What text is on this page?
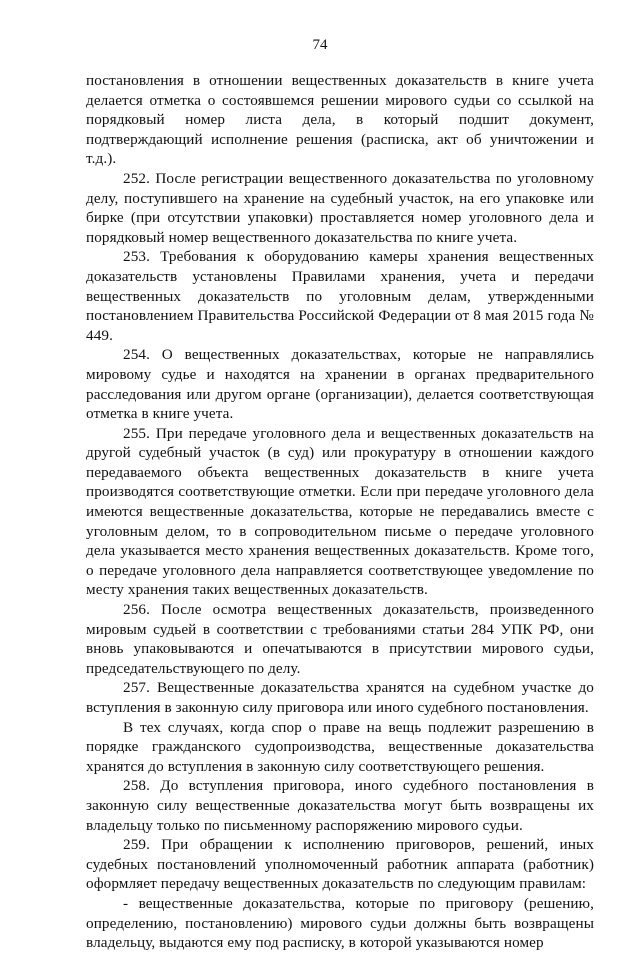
74

постановления в отношении вещественных доказательств в книге учета делается отметка о состоявшемся решении мирового судьи со ссылкой на порядковый номер листа дела, в который подшит документ, подтверждающий исполнение решения (расписка, акт об уничтожении и т.д.).

252. После регистрации вещественного доказательства по уголовному делу, поступившего на хранение на судебный участок, на его упаковке или бирке (при отсутствии упаковки) проставляется номер уголовного дела и порядковый номер вещественного доказательства по книге учета.

253. Требования к оборудованию камеры хранения вещественных доказательств установлены Правилами хранения, учета и передачи вещественных доказательств по уголовным делам, утвержденными постановлением Правительства Российской Федерации от 8 мая 2015 года № 449.

254. О вещественных доказательствах, которые не направлялись мировому судье и находятся на хранении в органах предварительного расследования или другом органе (организации), делается соответствующая отметка в книге учета.

255. При передаче уголовного дела и вещественных доказательств на другой судебный участок (в суд) или прокуратуру в отношении каждого передаваемого объекта вещественных доказательств в книге учета производятся соответствующие отметки. Если при передаче уголовного дела имеются вещественные доказательства, которые не передавались вместе с уголовным делом, то в сопроводительном письме о передаче уголовного дела указывается место хранения вещественных доказательств. Кроме того, о передаче уголовного дела направляется соответствующее уведомление по месту хранения таких вещественных доказательств.

256. После осмотра вещественных доказательств, произведенного мировым судьей в соответствии с требованиями статьи 284 УПК РФ, они вновь упаковываются и опечатываются в присутствии мирового судьи, председательствующего по делу.

257. Вещественные доказательства хранятся на судебном участке до вступления в законную силу приговора или иного судебного постановления.

В тех случаях, когда спор о праве на вещь подлежит разрешению в порядке гражданского судопроизводства, вещественные доказательства хранятся до вступления в законную силу соответствующего решения.

258. До вступления приговора, иного судебного постановления в законную силу вещественные доказательства могут быть возвращены их владельцу только по письменному распоряжению мирового судьи.

259. При обращении к исполнению приговоров, решений, иных судебных постановлений уполномоченный работник аппарата (работник) оформляет передачу вещественных доказательств по следующим правилам:

- вещественные доказательства, которые по приговору (решению, определению, постановлению) мирового судьи должны быть возвращены владельцу, выдаются ему под расписку, в которой указываются номер
